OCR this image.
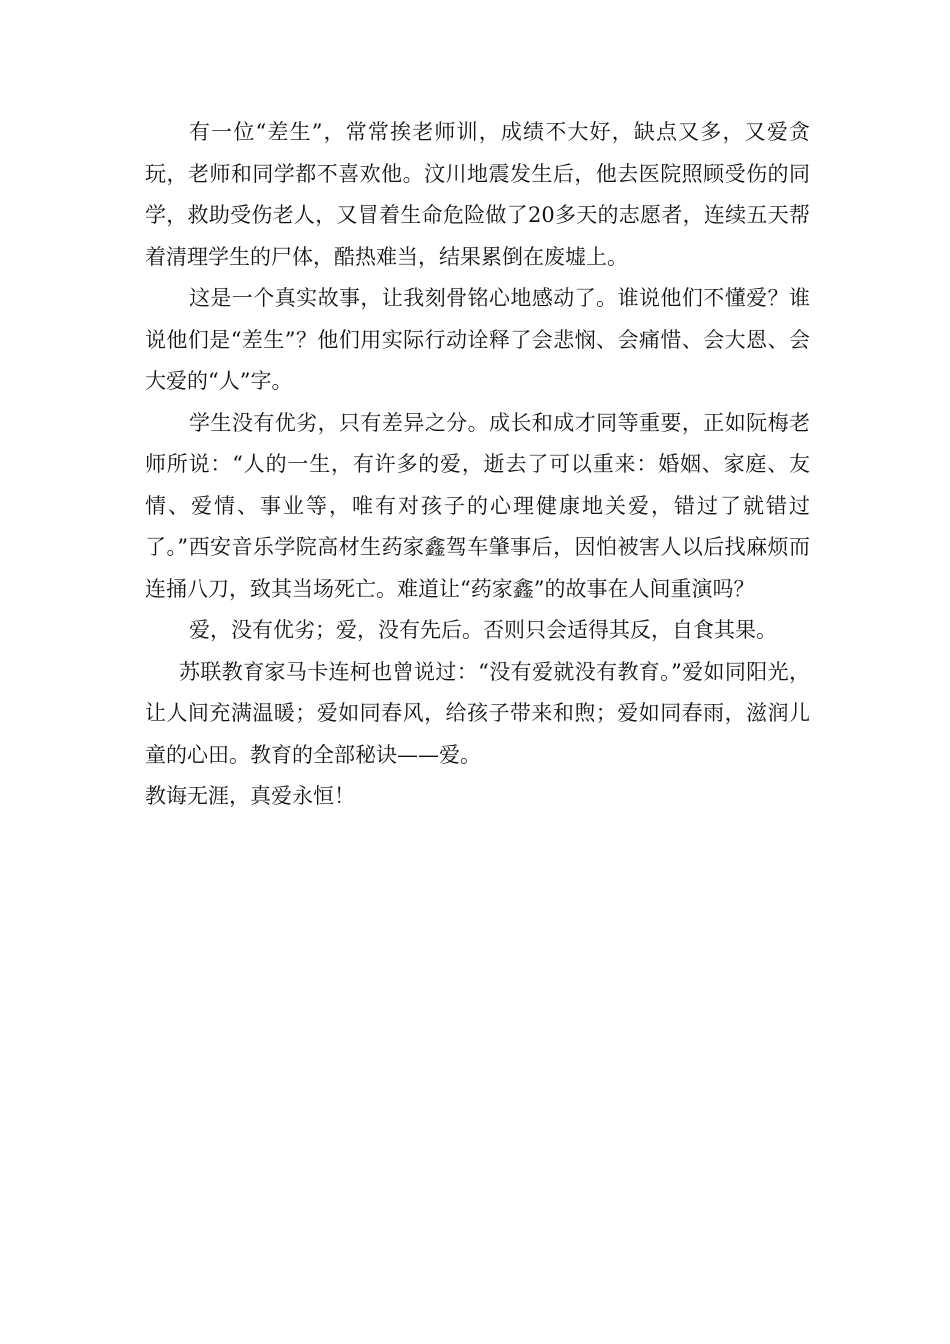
有一位“差生”，常常挨老师训，成绩不大好，缺点又多，又爱贪玩，老师和同学都不喜欢他。汶川地震发生后，他去医院照顾受伤的同学，救助受伤老人，又冒着生命危险做了20多天的志愿者，连续五天帮着清理学生的尸体，酷热难当，结果累倒在废墟上。

这是一个真实故事，让我刻骨铭心地感动了。谁说他们不懂爱？谁说他们是“差生”？他们用实际行动诠释了会悲悯、会痛惜、会大恩、会大爱的“人”字。

学生没有优劣，只有差异之分。成长和成才同等重要，正如阮梅老师所说：“人的一生，有许多的爱，逝去了可以重来：婚姻、家庭、友情、爱情、事业等，唯有对孩子的心理健康地关爱，错过了就错过了。”西安音乐学院高材生药家鑫驾车肇事后，因怕被害人以后找麻烦而连捅八刀，致其当场死亡。难道让“药家鑫”的故事在人间重演吗？

爱，没有优劣；爱，没有先后。否则只会适得其反，自食其果。

苏联教育家马卡连柯也曾说过：“没有爱就没有教育。”爱如同阳光，让人间充满温暖；爱如同春风，给孩子带来和煦；爱如同春雨，滋润儿童的心田。教育的全部秘诀——爱。

教诲无涯，真爱永恒！
